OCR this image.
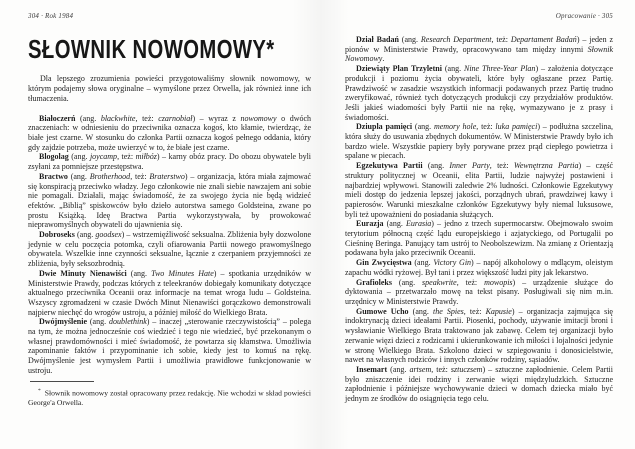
304 · Rok 1984
SŁOWNIK NOWOMOWY*

Dla lepszego zrozumienia powieści przygotowaliśmy słownik nowomowy, w którym podajemy słowa oryginalne – wymyślone przez Orwella, jak również inne ich tłumaczenia.

Białoczerń (ang. blackwhite, też: czarnobiał) – wyraz z nowomowy o dwóch znaczeniach: w odniesieniu do przeciwnika oznacza kogoś, kto kłamie, twierdząc, że białe jest czarne. W stosunku do członka Partii oznacza kogoś pełnego oddania, który gdy zajdzie potrzeba, może uwierzyć w to, że białe jest czarne.

Blogolag (ang. joycamp, też: miłbóz) – karny obóz pracy. Do obozu obywatele byli zsyłani za pomniejsze przestępstwa.

Bractwo (ang. Brotherhood, też: Braterstwo) – organizacja, która miała zajmować się konspiracją przeciwko władzy. Jego członkowie nie znali siebie nawzajem ani sobie nie pomagali. Działali, mając świadomość, że za swojego życia nie będą widzieć efektów. „Biblią” spiskowców było dzieło autorstwa samego Goldsteina, zwane po prostu Książką. Ideę Bractwa Partia wykorzystywała, by prowokować nieprawomyślnych obywateli do ujawnienia się.

Dobroseks (ang. goodsex) – wstrzemięźliwość seksualna. Zbliżenia były dozwolone jedynie w celu poczęcia potomka, czyli ofiarowania Partii nowego prawomyślnego obywatela. Wszelkie inne czynności seksualne, łącznie z czerpaniem przyjemności ze zbliżenia, były seksozbrodnią.

Dwie Minuty Nienawiści (ang. Two Minutes Hate) – spotkania urzędników w Ministerstwie Prawdy, podczas których z teleekranów dobiegały komunikaty dotyczące aktualnego przeciwnika Oceanii oraz informacje na temat wroga ludu – Goldsteina. Wszyscy zgromadzeni w czasie Dwóch Minut Nienawiści gorączkowo demonstrowali najpierw niechęć do wrogów ustroju, a później miłość do Wielkiego Brata.

Dwójmyślenie (ang. doublethink) – inaczej „sterowanie rzeczywistością” – polega na tym, że można jednocześnie coś wiedzieć i tego nie wiedzieć, być przekonanym o własnej prawdomówności i mieć świadomość, że powtarza się kłamstwa. Umożliwia zapominanie faktów i przypominanie ich sobie, kiedy jest to komuś na rękę. Dwójmyślenie jest wymysłem Partii i umożliwia prawidłowe funkcjonowanie w ustroju.

* Słownik nowomowy został opracowany przez redakcję. Nie wchodzi w skład powieści George'a Orwella.

Opracowanie · 305

Dział Badań (ang. Research Department, też: Departament Badań) – jeden z pionów w Ministerstwie Prawdy, opracowywano tam między innymi Słownik Nowomowy.

Dziewiąty Plan Trzyletni (ang. Nine Three-Year Plan) – założenia dotyczące produkcji i poziomu życia obywateli, które były ogłaszane przez Partię. Prawdziwość w zasadzie wszystkich informacji podawanych przez Partię trudno zweryfikować, również tych dotyczących produkcji czy przydziałów produktów. Jeśli jakieś wiadomości były Partii nie na rękę, wymazywano je z prasy i świadomości.

Dziupla pamięci (ang. memory hole, też: luka pamięci) – podłużna szczelina, która służy do usuwania zbędnych dokumentów. W Ministerstwie Prawdy było ich bardzo wiele. Wszystkie papiery były porywane przez prąd ciepłego powietrza i spalane w piecach.

Egzekutywa Partii (ang. Inner Party, też: Wewnętrzna Partia) – część struktury politycznej w Oceanii, elita Partii, ludzie najwyżej postawieni i najbardziej wpływowi. Stanowili zaledwie 2% ludności. Członkowie Egzekutywy mieli dostęp do jedzenia lepszej jakości, porządnych ubrań, prawdziwej kawy i papierosów. Warunki mieszkalne członków Egzekutywy były niemal luksusowe, byli też upoważnieni do posiadania służących.

Eurazja (ang. Eurasia) – jedno z trzech supermocarstw. Obejmowało swoim terytorium północną część lądu europejskiego i azjatyckiego, od Portugalii po Cieśninę Beringa. Panujący tam ustrój to Neobolszewizm. Na zmianę z Orientazją podawana była jako przeciwnik Oceanii.

Gin Zwycięstwa (ang. Victory Gin) – napój alkoholowy o mdlącym, oleistym zapachu wódki ryżowej. Był tani i przez większość ludzi pity jak lekarstwo.

Grafioleks (ang. speakwrite, też: mowopis) – urządzenie służące do dyktowania – przetwarzało mowę na tekst pisany. Posługiwali się nim m.in. urzędnicy w Ministerstwie Prawdy.

Gumowe Ucho (ang. the Spies, też: Kapusie) – organizacja zajmująca się indoktrynacją dzieci ideałami Partii. Piosenki, pochody, używanie imitacji broni i wysławianie Wielkiego Brata traktowano jak zabawę. Celem tej organizacji było zerwanie więzi dzieci z rodzicami i ukierunkowanie ich miłości i lojalności jedynie w stronę Wielkiego Brata. Szkolono dzieci w szpiegowaniu i donosicielstwie, nawet na własnych rodziców i innych członków rodziny, sąsiadów.

Insemart (ang. artsem, też: sztuczsem) – sztuczne zapłodnienie. Celem Partii było zniszczenie idei rodziny i zerwanie więzi międzyludzkich. Sztuczne zapłodnienie i późniejsze wychowywanie dzieci w domach dziecka miało być jednym ze środków do osiągnięcia tego celu.
